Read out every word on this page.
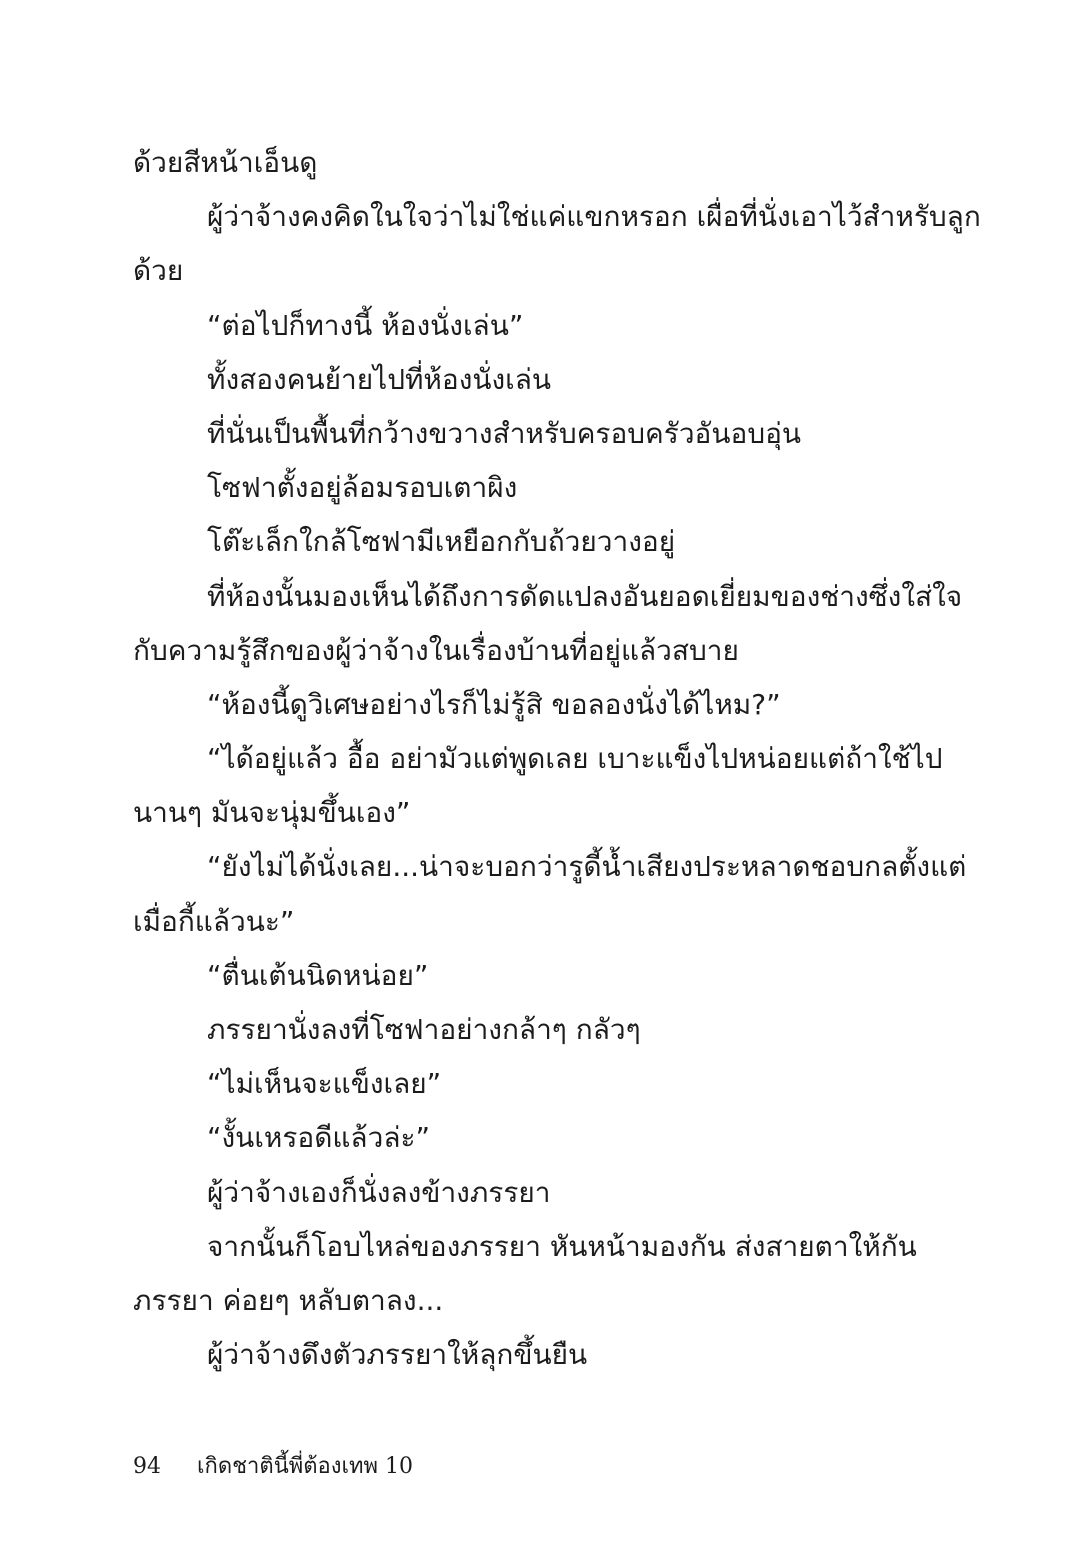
ด้วยสีหน้าเอ็นดู
ผู้ว่าจ้างคงคิดในใจว่าไม่ใช่แค่แขกหรอก เผื่อที่นั่งเอาไว้สำหรับลูก
ด้วย
“ต่อไปก็ทางนี้ ห้องนั่งเล่น”
ทั้งสองคนย้ายไปที่ห้องนั่งเล่น
ที่นั่นเป็นพื้นที่กว้างขวางสำหรับครอบครัวอันอบอุ่น
โซฟาตั้งอยู่ล้อมรอบเตาผิง
โต๊ะเล็กใกล้โซฟามีเหยือกกับถ้วยวางอยู่
ที่ห้องนั้นมองเห็นได้ถึงการดัดแปลงอันยอดเยี่ยมของช่างซึ่งใส่ใจ
กับความรู้สึกของผู้ว่าจ้างในเรื่องบ้านที่อยู่แล้วสบาย
“ห้องนี้ดูวิเศษอย่างไรก็ไม่รู้สิ ขอลองนั่งได้ไหม?”
“ได้อยู่แล้ว อื้อ อย่ามัวแต่พูดเลย เบาะแข็งไปหน่อยแต่ถ้าใช้ไป
นานๆ มันจะนุ่มขึ้นเอง”
“ยังไม่ได้นั่งเลย...น่าจะบอกว่ารูดี้น้ำเสียงประหลาดชอบกลตั้งแต่
เมื่อกี้แล้วนะ”
“ตื่นเต้นนิดหน่อย”
ภรรยานั่งลงที่โซฟาอย่างกล้าๆ กลัวๆ
“ไม่เห็นจะแข็งเลย”
“งั้นเหรอดีแล้วล่ะ”
ผู้ว่าจ้างเองก็นั่งลงข้างภรรยา
จากนั้นก็โอบไหล่ของภรรยา หันหน้ามองกัน ส่งสายตาให้กัน
ภรรยา ค่อยๆ หลับตาลง...
ผู้ว่าจ้างดึงตัวภรรยาให้ลุกขึ้นยืน
94 เกิดชาตินี้พี่ต้องเทพ 10
